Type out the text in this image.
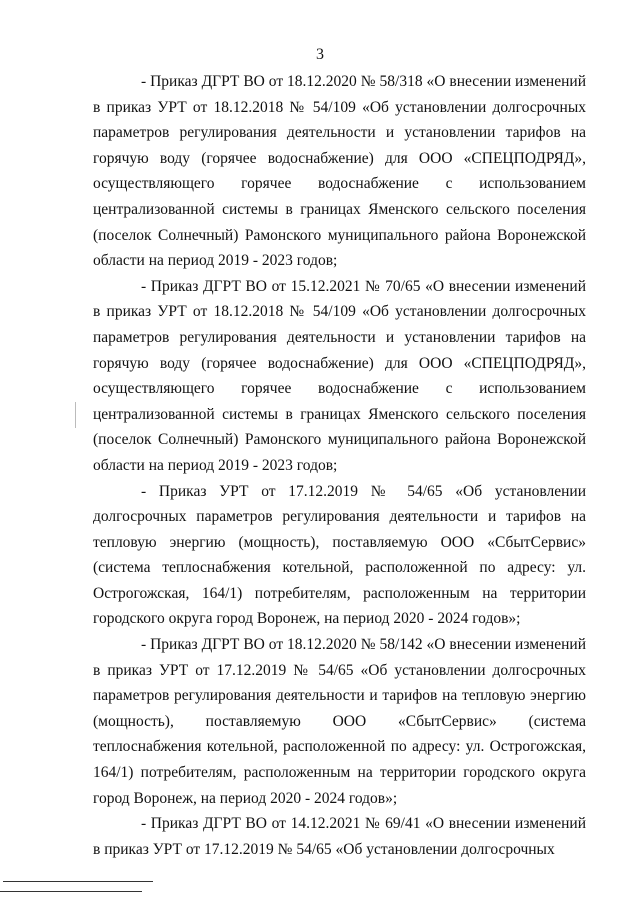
3

- Приказ ДГРТ ВО от 18.12.2020 № 58/318 «О внесении изменений в приказ УРТ от 18.12.2018 № 54/109 «Об установлении долгосрочных параметров регулирования деятельности и установлении тарифов на горячую воду (горячее водоснабжение) для ООО «СПЕЦПОДРЯД», осуществляющего горячее водоснабжение с использованием централизованной системы в границах Яменского сельского поселения (поселок Солнечный) Рамонского муниципального района Воронежской области на период 2019 - 2023 годов;

- Приказ ДГРТ ВО от 15.12.2021 № 70/65 «О внесении изменений в приказ УРТ от 18.12.2018 № 54/109 «Об установлении долгосрочных параметров регулирования деятельности и установлении тарифов на горячую воду (горячее водоснабжение) для ООО «СПЕЦПОДРЯД», осуществляющего горячее водоснабжение с использованием централизованной системы в границах Яменского сельского поселения (поселок Солнечный) Рамонского муниципального района Воронежской области на период 2019 - 2023 годов;

- Приказ УРТ от 17.12.2019 № 54/65 «Об установлении долгосрочных параметров регулирования деятельности и тарифов на тепловую энергию (мощность), поставляемую ООО «СбытСервис» (система теплоснабжения котельной, расположенной по адресу: ул. Острогожская, 164/1) потребителям, расположенным на территории городского округа город Воронеж, на период 2020 - 2024 годов»;

- Приказ ДГРТ ВО от 18.12.2020 № 58/142 «О внесении изменений в приказ УРТ от 17.12.2019 № 54/65 «Об установлении долгосрочных параметров регулирования деятельности и тарифов на тепловую энергию (мощность), поставляемую ООО «СбытСервис» (система теплоснабжения котельной, расположенной по адресу: ул. Острогожская, 164/1) потребителям, расположенным на территории городского округа город Воронеж, на период 2020 - 2024 годов»;

- Приказ ДГРТ ВО от 14.12.2021 № 69/41 «О внесении изменений в приказ УРТ от 17.12.2019 № 54/65 «Об установлении долгосрочных
